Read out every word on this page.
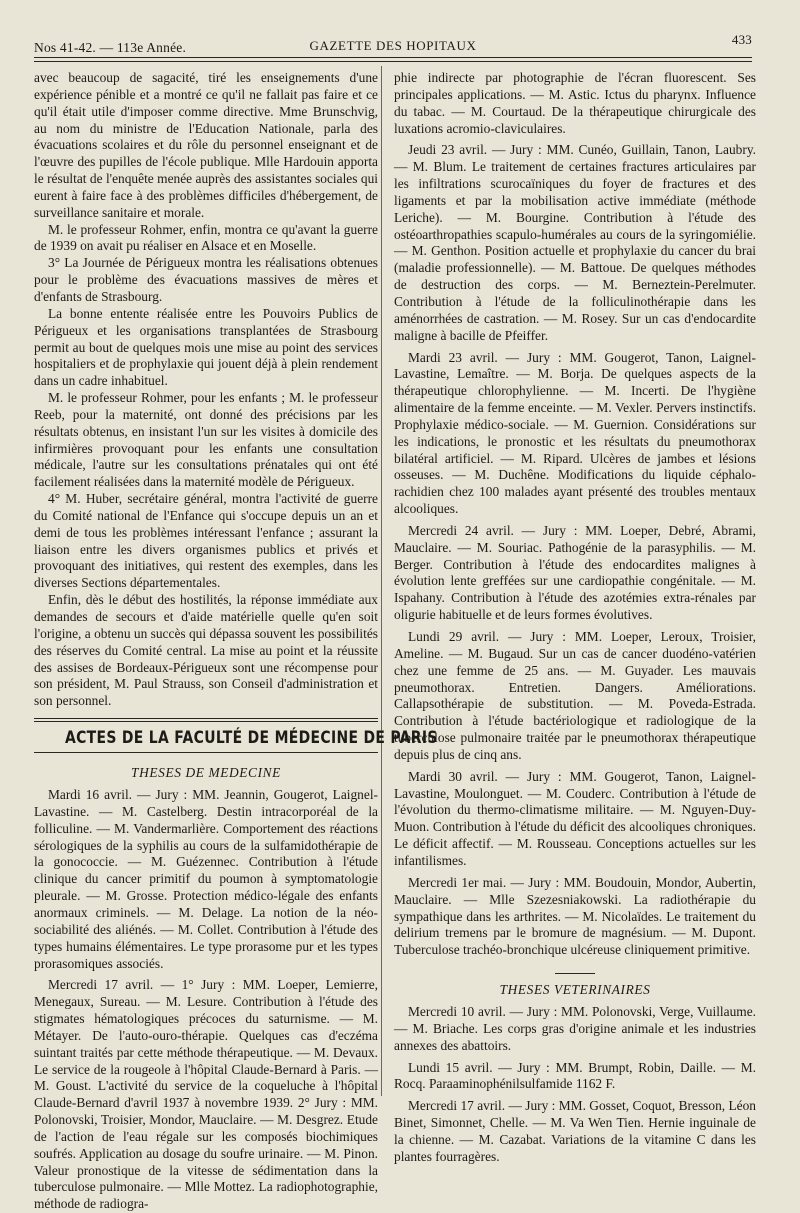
Nos 41-42. — 113e Année.	GAZETTE DES HOPITAUX	433

avec beaucoup de sagacité, tiré les enseignements d'une expérience pénible et a montré ce qu'il ne fallait pas faire et ce qu'il était utile d'imposer comme directive. Mme Brunschvig, au nom du ministre de l'Education Nationale, parla des évacuations scolaires et du rôle du personnel enseignant et de l'œuvre des pupilles de l'école publique. Mlle Hardouin apporta le résultat de l'enquête menée auprès des assistantes sociales qui eurent à faire face à des problèmes difficiles d'hébergement, de surveillance sanitaire et morale.

M. le professeur Rohmer, enfin, montra ce qu'avant la guerre de 1939 on avait pu réaliser en Alsace et en Moselle.

3° La Journée de Périgueux montra les réalisations obtenues pour le problème des évacuations massives de mères et d'enfants de Strasbourg.

La bonne entente réalisée entre les Pouvoirs Publics de Périgueux et les organisations transplantées de Strasbourg permit au bout de quelques mois une mise au point des services hospitaliers et de prophylaxie qui jouent déjà à plein rendement dans un cadre inhabituel.

M. le professeur Rohmer, pour les enfants ; M. le professeur Reeb, pour la maternité, ont donné des précisions par les résultats obtenus, en insistant l'un sur les visites à domicile des infirmières provoquant pour les enfants une consultation médicale, l'autre sur les consultations prénatales qui ont été facilement réalisées dans la maternité modèle de Périgueux.

4° M. Huber, secrétaire général, montra l'activité de guerre du Comité national de l'Enfance qui s'occupe depuis un an et demi de tous les problèmes intéressant l'enfance ; assurant la liaison entre les divers organismes publics et privés et provoquant des initiatives, qui restent des exemples, dans les diverses Sections départementales.

Enfin, dès le début des hostilités, la réponse immédiate aux demandes de secours et d'aide matérielle quelle qu'en soit l'origine, a obtenu un succès qui dépassa souvent les possibilités des réserves du Comité central. La mise au point et la réussite des assises de Bordeaux-Périgueux sont une récompense pour son président, M. Paul Strauss, son Conseil d'administration et son personnel.

ACTES DE LA FACULTÉ DE MÉDECINE DE PARIS
THESES DE MEDECINE

Mardi 16 avril. — Jury : MM. Jeannin, Gougerot, Laignel-Lavastine. — M. Castelberg. Destin intracorporéal de la folliculine. — M. Vandermarlière. Comportement des réactions sérologiques de la syphilis au cours de la sulfamidothérapie de la gonococcie. — M. Guézennec. Contribution à l'étude clinique du cancer primitif du poumon à symptomatologie pleurale. — M. Grosse. Protection médico-légale des enfants anormaux criminels. — M. Delage. La notion de la néo-sociabilité des aliénés. — M. Collet. Contribution à l'étude des types humains élémentaires. Le type prorasome pur et les types prorasomiques associés.

Mercredi 17 avril. — 1° Jury : MM. Loeper, Lemierre, Menegaux, Sureau. — M. Lesure. Contribution à l'étude des stigmates hématologiques précoces du saturnisme. — M. Métayer. De l'auto-ouro-thérapie. Quelques cas d'eczéma suintant traités par cette méthode thérapeutique. — M. Devaux. Le service de la rougeole à l'hôpital Claude-Bernard à Paris. — M. Goust. L'activité du service de la coqueluche à l'hôpital Claude-Bernard d'avril 1937 à novembre 1939. 2° Jury : MM. Polonovski, Troisier, Mondor, Mauclaire. — M. Desgrez. Etude de l'action de l'eau régale sur les composés biochimiques soufrés. Application au dosage du soufre urinaire. — M. Pinon. Valeur pronostique de la vitesse de sédimentation dans la tuberculose pulmonaire. — Mlle Mottez. La radiophotographie, méthode de radiogra-

phie indirecte par photographie de l'écran fluorescent. Ses principales applications. — M. Astic. Ictus du pharynx. Influence du tabac. — M. Courtaud. De la thérapeutique chirurgicale des luxations acromio-claviculaires.

Jeudi 23 avril. — Jury : MM. Cunéo, Guillain, Tanon, Laubry. — M. Blum. Le traitement de certaines fractures articulaires par les infiltrations scurocaïniques du foyer de fractures et des ligaments et par la mobilisation active immédiate (méthode Leriche). — M. Bourgine. Contribution à l'étude des ostéoarthropathies scapulo-humérales au cours de la syringomiélie. — M. Genthon. Position actuelle et prophylaxie du cancer du brai (maladie professionnelle). — M. Battoue. De quelques méthodes de destruction des corps. — M. Berneztein-Perelmuter. Contribution à l'étude de la folliculinothérapie dans les aménorrhées de castration. — M. Rosey. Sur un cas d'endocardite maligne à bacille de Pfeiffer.

Mardi 23 avril. — Jury : MM. Gougerot, Tanon, Laignel-Lavastine, Lemaître. — M. Borja. De quelques aspects de la thérapeutique chlorophylienne. — M. Incerti. De l'hygiène alimentaire de la femme enceinte. — M. Vexler. Pervers instinctifs. Prophylaxie médico-sociale. — M. Guernion. Considérations sur les indications, le pronostic et les résultats du pneumothorax bilatéral artificiel. — M. Ripard. Ulcères de jambes et lésions osseuses. — M. Duchêne. Modifications du liquide céphalo-rachidien chez 100 malades ayant présenté des troubles mentaux alcooliques.

Mercredi 24 avril. — Jury : MM. Loeper, Debré, Abrami, Mauclaire. — M. Souriac. Pathogénie de la parasyphilis. — M. Berger. Contribution à l'étude des endocardites malignes à évolution lente greffées sur une cardiopathie congénitale. — M. Ispahany. Contribution à l'étude des azotémies extra-rénales par oligurie habituelle et de leurs formes évolutives.

Lundi 29 avril. — Jury : MM. Loeper, Leroux, Troisier, Ameline. — M. Bugaud. Sur un cas de cancer duodéno-vatérien chez une femme de 25 ans. — M. Guyader. Les mauvais pneumothorax. Entretien. Dangers. Améliorations. Callapsothérapie de substitution. — M. Poveda-Estrada. Contribution à l'étude bactériologique et radiologique de la tuberculose pulmonaire traitée par le pneumothorax thérapeutique depuis plus de cinq ans.

Mardi 30 avril. — Jury : MM. Gougerot, Tanon, Laignel-Lavastine, Moulonguet. — M. Couderc. Contribution à l'étude de l'évolution du thermo-climatisme militaire. — M. Nguyen-Duy-Muon. Contribution à l'étude du déficit des alcooliques chroniques. Le déficit affectif. — M. Rousseau. Conceptions actuelles sur les infantilismes.

Mercredi 1er mai. — Jury : MM. Boudouin, Mondor, Aubertin, Mauclaire. — Mlle Szezesniakowski. La radiothérapie du sympathique dans les arthrites. — M. Nicolaïdes. Le traitement du delirium tremens par le bromure de magnésium. — M. Dupont. Tuberculose trachéo-bronchique ulcéreuse cliniquement primitive.

THESES VETERINAIRES

Mercredi 10 avril. — Jury : MM. Polonovski, Verge, Vuillaume. — M. Briache. Les corps gras d'origine animale et les industries annexes des abattoirs.

Lundi 15 avril. — Jury : MM. Brumpt, Robin, Daille. — M. Rocq. Paraaminophénilsulfamide 1162 F.

Mercredi 17 avril. — Jury : MM. Gosset, Coquot, Bresson, Léon Binet, Simonnet, Chelle. — M. Va Wen Tien. Hernie inguinale de la chienne. — M. Cazabat. Variations de la vitamine C dans les plantes fourragères.
